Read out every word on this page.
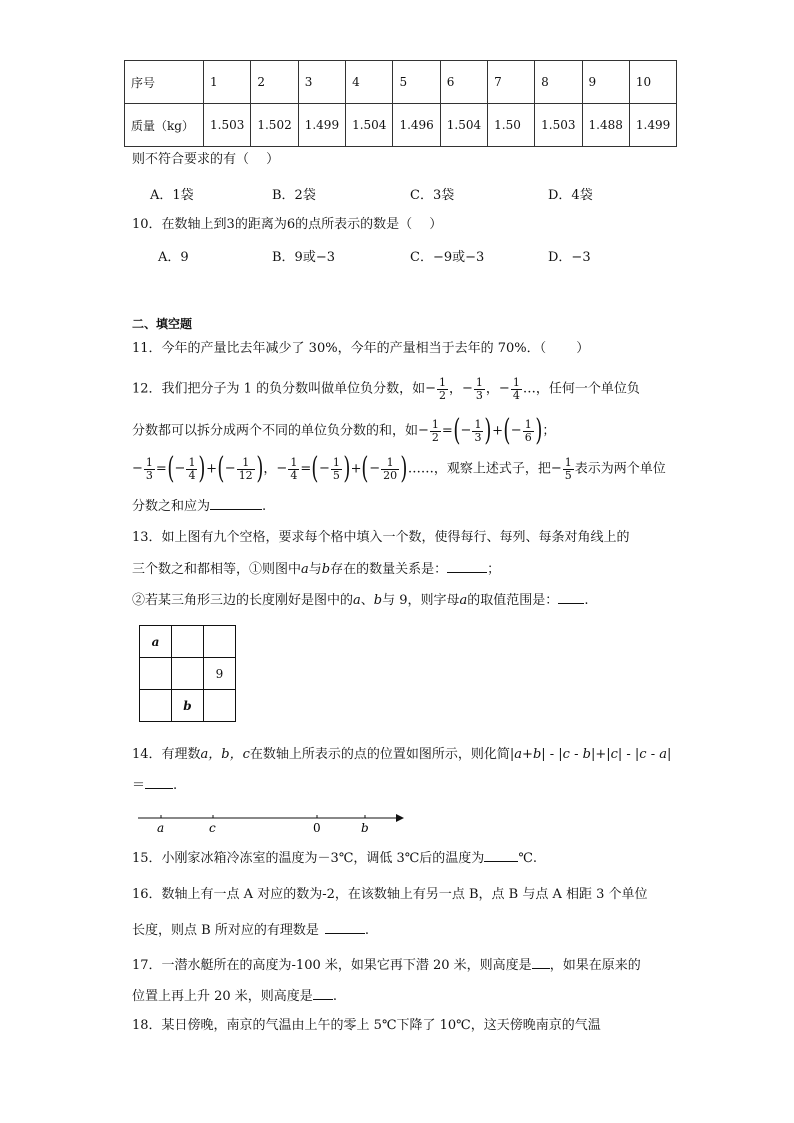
序号	1	2	3	4	5	6	7	8	9	10
质量（kg）	1.503	1.502	1.499	1.504	1.496	1.504	1.50	1.503	1.488	1.499
则不符合要求的有（　 ）
A．1袋	B．2袋	C．3袋	D．4袋
10．在数轴上到3的距离为6的点所表示的数是（　 ）
A．9	B．9或−3	C．−9或−3	D．−3
二、填空题
11．今年的产量比去年减少了 30%，今年的产量相当于去年的 70%．（　　 ）
12．我们把分子为 1 的负分数叫做单位负分数，如− $\frac{1}{2}$ ，− $\frac{1}{3}$ ，− $\frac{1}{4}$ …，任何一个单位负
分数都可以拆分成两个不同的单位负分数的和，如− $\frac{1}{2}$ =(− $\frac{1}{3}$ )+(− $\frac{1}{6}$ )；
− $\frac{1}{3}$ =(− $\frac{1}{4}$ )+(− $\frac{1}{12}$ )，− $\frac{1}{4}$ =(− $\frac{1}{5}$ )+(− $\frac{1}{20}$ )……，观察上述式子，把− $\frac{1}{5}$ 表示为两个单位
分数之和应为	.
13．如上图有九个空格，要求每个格中填入一个数，使得每行、每列、每条对角线上的
三个数之和都相等，①则图中a与b存在的数量关系是：	；
②若某三角形三边的长度刚好是图中的a、b与 9，则字母a的取值范围是： .
a		
		9
	b	
14．有理数a，b，c在数轴上所表示的点的位置如图所示，则化简|a+b| - |c - b|+|c| - |c - a|
＝ .
a	c	0	b
15．小刚家冰箱冷冻室的温度为－3℃，调低 3℃后的温度为	℃.
16．数轴上有一点 A 对应的数为-2，在该数轴上有另一点 B，点 B 与点 A 相距 3 个单位
长度，则点 B 所对应的有理数是	.
17．一潜水艇所在的高度为-100 米，如果它再下潜 20 米，则高度是 ，如果在原来的
位置上再上升 20 米，则高度是 .
18．某日傍晚，南京的气温由上午的零上 5℃下降了 10℃，这天傍晚南京的气温
